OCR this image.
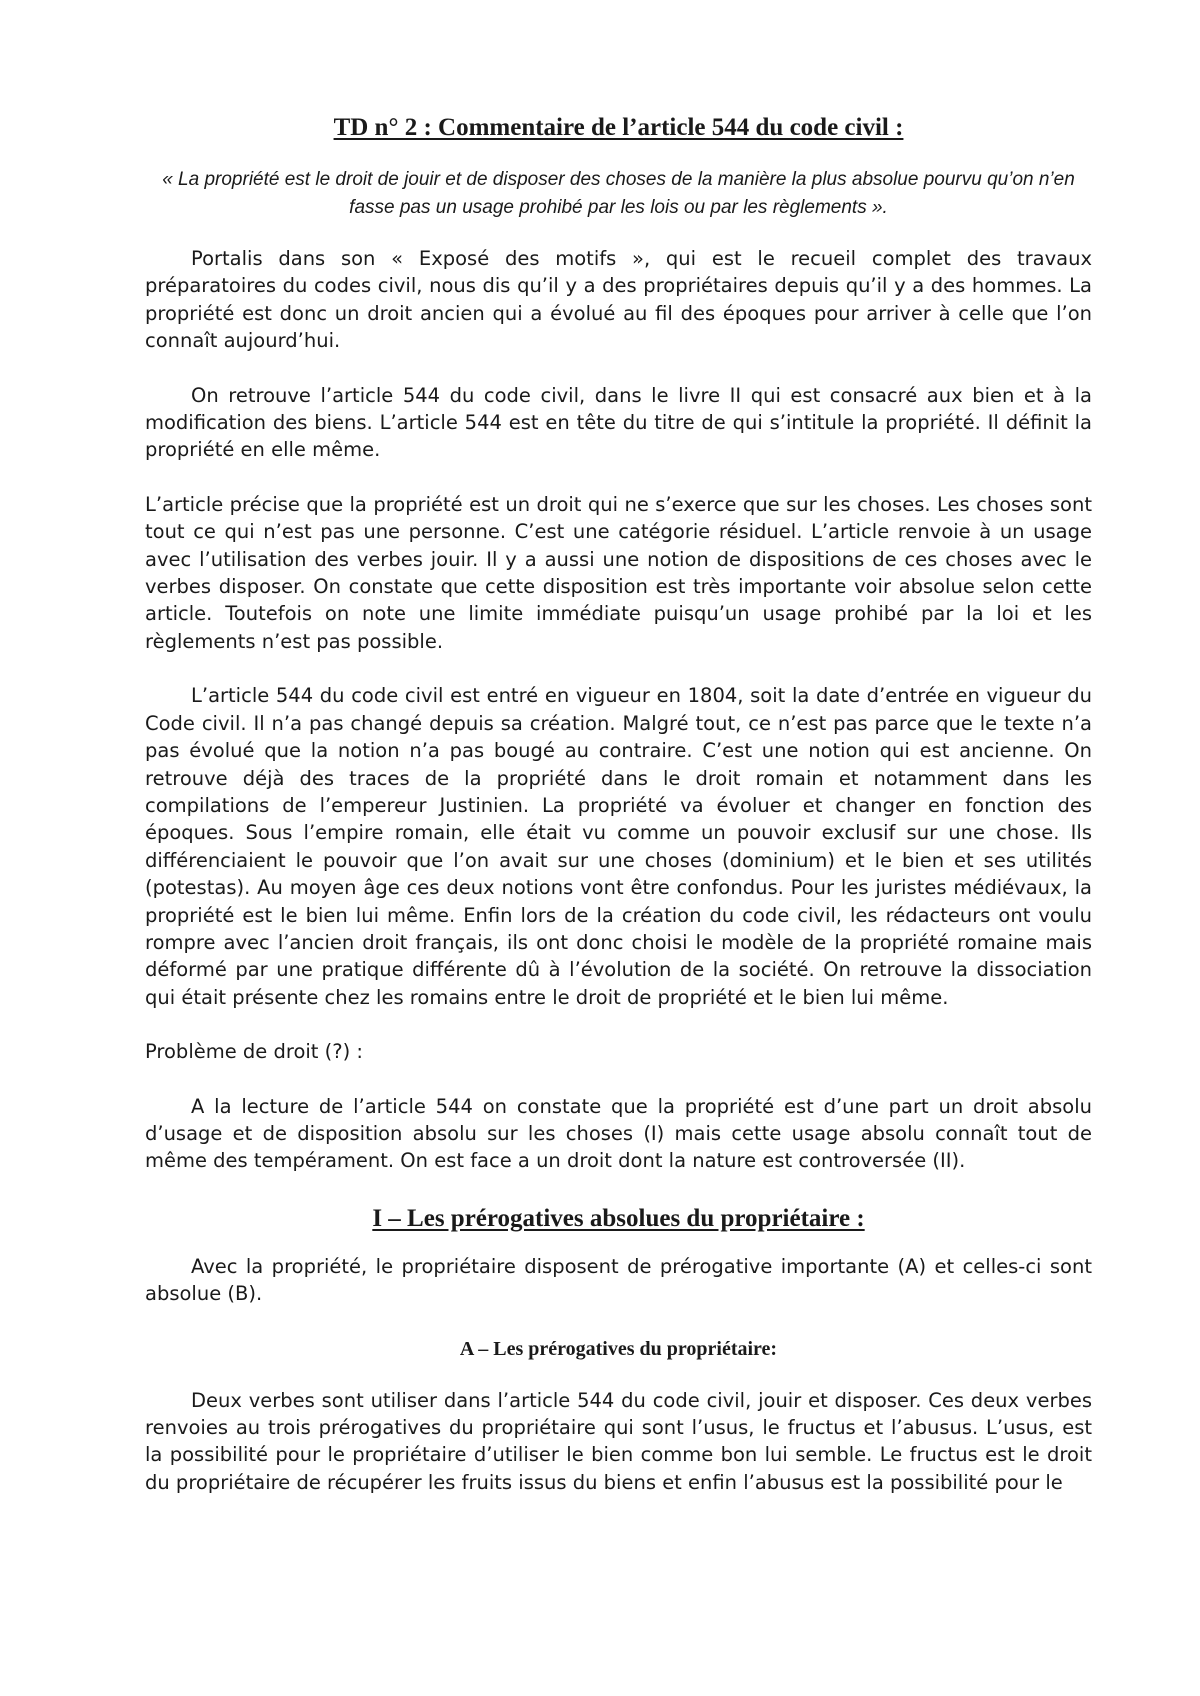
TD n° 2 : Commentaire de l’article 544 du code civil :

« La propriété est le droit de jouir et de disposer des choses de la manière la plus absolue pourvu qu’on n’en fasse pas un usage prohibé par les lois ou par les règlements ».

Portalis dans son « Exposé des motifs », qui est le recueil complet des travaux préparatoires du codes civil, nous dis qu’il y a des propriétaires depuis qu’il y a des hommes. La propriété est donc un droit ancien qui a évolué au fil des époques pour arriver à celle que l’on connaît aujourd’hui.

On retrouve l’article 544 du code civil, dans le livre II qui est consacré aux bien et à la modification des biens. L’article 544 est en tête du titre de qui s’intitule la propriété. Il définit la propriété en elle même.

L’article précise que la propriété est un droit qui ne s’exerce que sur les choses. Les choses sont tout ce qui n’est pas une personne. C’est une catégorie résiduel. L’article renvoie à un usage avec l’utilisation des verbes jouir. Il y a aussi une notion de dispositions de ces choses avec le verbes disposer. On constate que cette disposition est très importante voir absolue selon cette article. Toutefois on note une limite immédiate puisqu’un usage prohibé par la loi et les règlements n’est pas possible.

L’article 544 du code civil est entré en vigueur en 1804, soit la date d’entrée en vigueur du Code civil. Il n’a pas changé depuis sa création. Malgré tout, ce n’est pas parce que le texte n’a pas évolué que la notion n’a pas bougé au contraire. C’est une notion qui est ancienne. On retrouve déjà des traces de la propriété dans le droit romain et notamment dans les compilations de l’empereur Justinien. La propriété va évoluer et changer en fonction des époques. Sous l’empire romain, elle était vu comme un pouvoir exclusif sur une chose. Ils différenciaient le pouvoir que l’on avait sur une choses (dominium) et le bien et ses utilités (potestas). Au moyen âge ces deux notions vont être confondus. Pour les juristes médiévaux, la propriété est le bien lui même. Enfin lors de la création du code civil, les rédacteurs ont voulu rompre avec l’ancien droit français, ils ont donc choisi le modèle de la propriété romaine mais déformé par une pratique différente dû à l’évolution de la société. On retrouve la dissociation qui était présente chez les romains entre le droit de propriété et le bien lui même.

Problème de droit (?) :

A la lecture de l’article 544 on constate que la propriété est d’une part un droit absolu d’usage et de disposition absolu sur les choses (I) mais cette usage absolu connaît tout de même des tempérament. On est face a un droit dont la nature est controversée (II).

I – Les prérogatives absolues du propriétaire :

Avec la propriété, le propriétaire disposent de prérogative importante (A) et celles-ci sont absolue (B).

A – Les prérogatives du propriétaire:

Deux verbes sont utiliser dans l’article 544 du code civil, jouir et disposer. Ces deux verbes renvoies au trois prérogatives du propriétaire qui sont l’usus, le fructus et l’abusus. L’usus, est la possibilité pour le propriétaire d’utiliser le bien comme bon lui semble. Le fructus est le droit du propriétaire de récupérer les fruits issus du biens et enfin l’abusus est la possibilité pour le
